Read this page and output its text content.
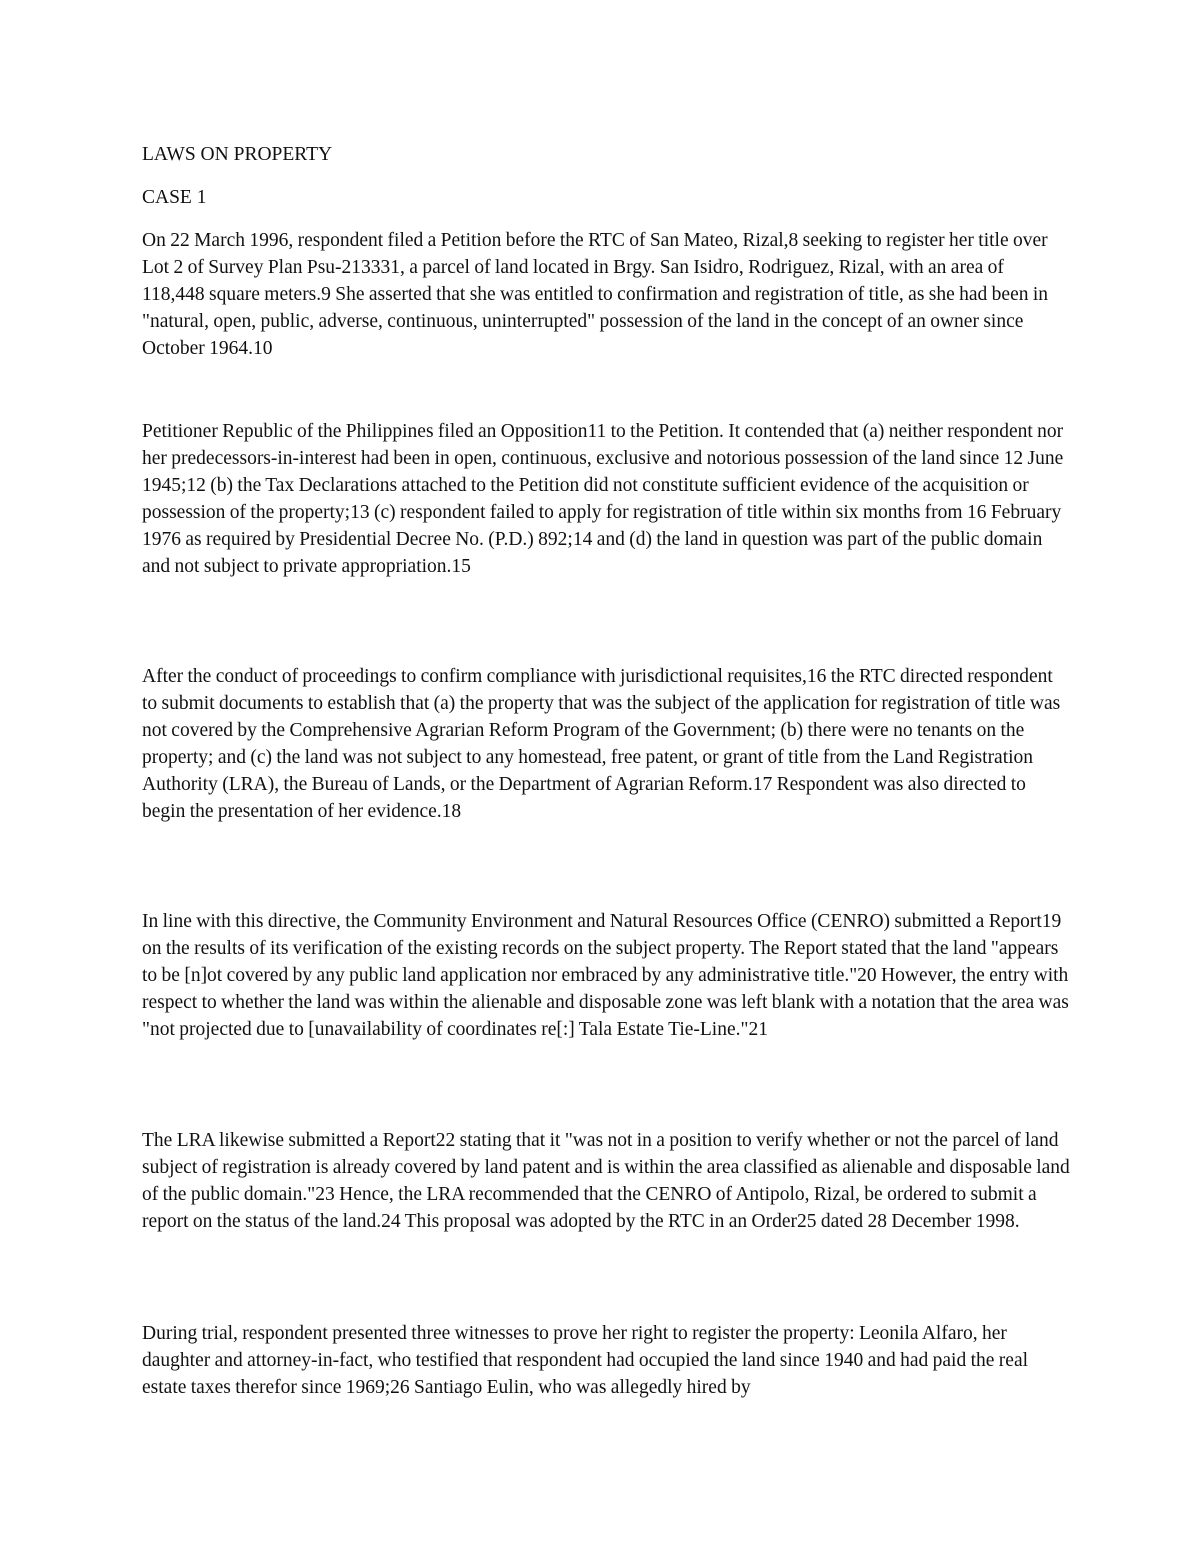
LAWS ON PROPERTY

CASE 1

On 22 March 1996, respondent filed a Petition before the RTC of San Mateo, Rizal,8 seeking to register her title over Lot 2 of Survey Plan Psu-213331, a parcel of land located in Brgy. San Isidro, Rodriguez, Rizal, with an area of 118,448 square meters.9 She asserted that she was entitled to confirmation and registration of title, as she had been in "natural, open, public, adverse, continuous, uninterrupted" possession of the land in the concept of an owner since October 1964.10

Petitioner Republic of the Philippines filed an Opposition11 to the Petition. It contended that (a) neither respondent nor her predecessors-in-interest had been in open, continuous, exclusive and notorious possession of the land since 12 June 1945;12 (b) the Tax Declarations attached to the Petition did not constitute sufficient evidence of the acquisition or possession of the property;13 (c) respondent failed to apply for registration of title within six months from 16 February 1976 as required by Presidential Decree No. (P.D.) 892;14 and (d) the land in question was part of the public domain and not subject to private appropriation.15

After the conduct of proceedings to confirm compliance with jurisdictional requisites,16 the RTC directed respondent to submit documents to establish that (a) the property that was the subject of the application for registration of title was not covered by the Comprehensive Agrarian Reform Program of the Government; (b) there were no tenants on the property; and (c) the land was not subject to any homestead, free patent, or grant of title from the Land Registration Authority (LRA), the Bureau of Lands, or the Department of Agrarian Reform.17 Respondent was also directed to begin the presentation of her evidence.18

In line with this directive, the Community Environment and Natural Resources Office (CENRO) submitted a Report19 on the results of its verification of the existing records on the subject property. The Report stated that the land "appears to be [n]ot covered by any public land application nor embraced by any administrative title."20 However, the entry with respect to whether the land was within the alienable and disposable zone was left blank with a notation that the area was "not projected due to [unavailability of coordinates re[:] Tala Estate Tie-Line."21

The LRA likewise submitted a Report22 stating that it "was not in a position to verify whether or not the parcel of land subject of registration is already covered by land patent and is within the area classified as alienable and disposable land of the public domain."23 Hence, the LRA recommended that the CENRO of Antipolo, Rizal, be ordered to submit a report on the status of the land.24 This proposal was adopted by the RTC in an Order25 dated 28 December 1998.

During trial, respondent presented three witnesses to prove her right to register the property: Leonila Alfaro, her daughter and attorney-in-fact, who testified that respondent had occupied the land since 1940 and had paid the real estate taxes therefor since 1969;26 Santiago Eulin, who was allegedly hired by
